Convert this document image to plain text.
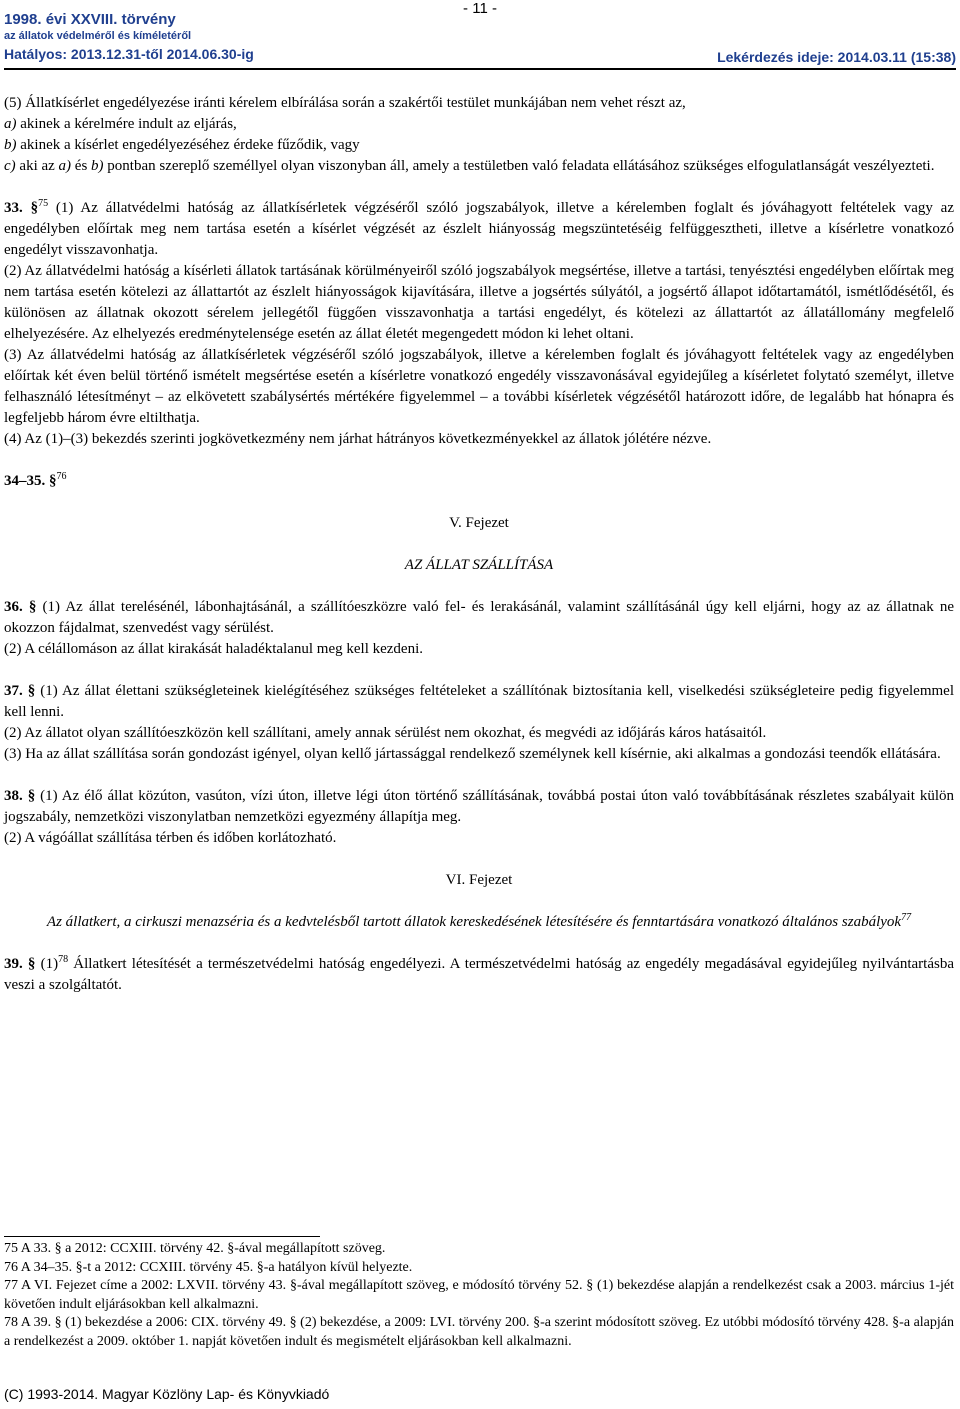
- 11 -
1998. évi XXVIII. törvény
az állatok védelméről és kíméletéről
Hatályos: 2013.12.31-től 2014.06.30-ig	Lekérdezés ideje: 2014.03.11 (15:38)

(5) Állatkísérlet engedélyezése iránti kérelem elbírálása során a szakértői testület munkájában nem vehet részt az,

a) akinek a kérelmére indult az eljárás,

b) akinek a kísérlet engedélyezéséhez érdeke fűződik, vagy

c) aki az a) és b) pontban szereplő személlyel olyan viszonyban áll, amely a testületben való feladata ellátásához szükséges elfogulatlanságát veszélyezteti.

33. §$^{75}$ (1) Az állatvédelmi hatóság az állatkísérletek végzéséről szóló jogszabályok, illetve a kérelemben foglalt és jóváhagyott feltételek vagy az engedélyben előírtak meg nem tartása esetén a kísérlet végzését az észlelt hiányosság megszüntetéséig felfüggesztheti, illetve a kísérletre vonatkozó engedélyt visszavonhatja.

(2) Az állatvédelmi hatóság a kísérleti állatok tartásának körülményeiről szóló jogszabályok megsértése, illetve a tartási, tenyésztési engedélyben előírtak meg nem tartása esetén kötelezi az állattartót az észlelt hiányosságok kijavítására, illetve a jogsértés súlyától, a jogsértő állapot időtartamától, ismétlődésétől, és különösen az állatnak okozott sérelem jellegétől függően visszavonhatja a tartási engedélyt, és kötelezi az állattartót az állatállomány megfelelő elhelyezésére. Az elhelyezés eredménytelensége esetén az állat életét megengedett módon ki lehet oltani.

(3) Az állatvédelmi hatóság az állatkísérletek végzéséről szóló jogszabályok, illetve a kérelemben foglalt és jóváhagyott feltételek vagy az engedélyben előírtak két éven belül történő ismételt megsértése esetén a kísérletre vonatkozó engedély visszavonásával egyidejűleg a kísérletet folytató személyt, illetve felhasználó létesítményt – az elkövetett szabálysértés mértékére figyelemmel – a további kísérletek végzésétől határozott időre, de legalább hat hónapra és legfeljebb három évre eltilthatja.

(4) Az (1)–(3) bekezdés szerinti jogkövetkezmény nem járhat hátrányos következményekkel az állatok jólétére nézve.

34–35. §$^{76}$

V. Fejezet

AZ ÁLLAT SZÁLLÍTÁSA

36. § (1) Az állat terelésénél, lábonhajtásánál, a szállítóeszközre való fel- és lerakásánál, valamint szállításánál úgy kell eljárni, hogy az az állatnak ne okozzon fájdalmat, szenvedést vagy sérülést.

(2) A célállomáson az állat kirakását haladéktalanul meg kell kezdeni.

37. § (1) Az állat élettani szükségleteinek kielégítéséhez szükséges feltételeket a szállítónak biztosítania kell, viselkedési szükségleteire pedig figyelemmel kell lenni.

(2) Az állatot olyan szállítóeszközön kell szállítani, amely annak sérülést nem okozhat, és megvédi az időjárás káros hatásaitól.

(3) Ha az állat szállítása során gondozást igényel, olyan kellő jártassággal rendelkező személynek kell kísérnie, aki alkalmas a gondozási teendők ellátására.

38. § (1) Az élő állat közúton, vasúton, vízi úton, illetve légi úton történő szállításának, továbbá postai úton való továbbításának részletes szabályait külön jogszabály, nemzetközi viszonylatban nemzetközi egyezmény állapítja meg.

(2) A vágóállat szállítása térben és időben korlátozható.

VI. Fejezet

Az állatkert, a cirkuszi menazséria és a kedvtelésből tartott állatok kereskedésének létesítésére és fenntartására vonatkozó általános szabályok$^{77}$

39. § $(1)^{78}$ Állatkert létesítését a természetvédelmi hatóság engedélyezi. A természetvédelmi hatóság az engedély megadásával egyidejűleg nyilvántartásba veszi a szolgáltatót.

75 A 33. § a 2012: CCXIII. törvény 42. §-ával megállapított szöveg.

76 A 34–35. §-t a 2012: CCXIII. törvény 45. §-a hatályon kívül helyezte.

77 A VI. Fejezet címe a 2002: LXVII. törvény 43. §-ával megállapított szöveg, e módosító törvény 52. § (1) bekezdése alapján a rendelkezést csak a 2003. március 1-jét követően indult eljárásokban kell alkalmazni.

78 A 39. § (1) bekezdése a 2006: CIX. törvény 49. § (2) bekezdése, a 2009: LVI. törvény 200. §-a szerint módosított szöveg. Ez utóbbi módosító törvény 428. §-a alapján a rendelkezést a 2009. október 1. napját követően indult és megismételt eljárásokban kell alkalmazni.

(C) 1993-2014. Magyar Közlöny Lap- és Könyvkiadó
